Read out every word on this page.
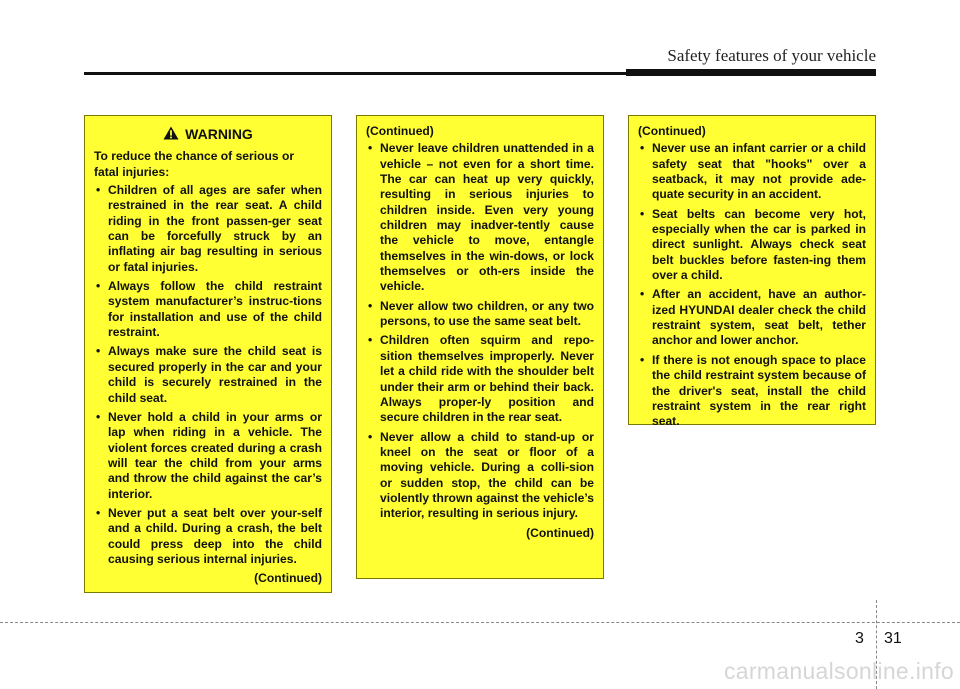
Safety features of your vehicle
WARNING
To reduce the chance of serious or fatal injuries:
• Children of all ages are safer when restrained in the rear seat. A child riding in the front passen-ger seat can be forcefully struck by an inflating air bag resulting in serious or fatal injuries.
• Always follow the child restraint system manufacturer’s instruc-tions for installation and use of the child restraint.
• Always make sure the child seat is secured properly in the car and your child is securely restrained in the child seat.
• Never hold a child in your arms or lap when riding in a vehicle. The violent forces created during a crash will tear the child from your arms and throw the child against the car’s interior.
• Never put a seat belt over your-self and a child. During a crash, the belt could press deep into the child causing serious internal injuries.
(Continued)
(Continued)
• Never leave children unattended in a vehicle – not even for a short time. The car can heat up very quickly, resulting in serious injuries to children inside. Even very young children may inadver-tently cause the vehicle to move, entangle themselves in the win-dows, or lock themselves or oth-ers inside the vehicle.
• Never allow two children, or any two persons, to use the same seat belt.
• Children often squirm and repo-sition themselves improperly. Never let a child ride with the shoulder belt under their arm or behind their back. Always proper-ly position and secure children in the rear seat.
• Never allow a child to stand-up or kneel on the seat or floor of a moving vehicle. During a colli-sion or sudden stop, the child can be violently thrown against the vehicle’s interior, resulting in serious injury.
(Continued)
(Continued)
• Never use an infant carrier or a child safety seat that "hooks" over a seatback, it may not provide ade-quate security in an accident.
• Seat belts can become very hot, especially when the car is parked in direct sunlight. Always check seat belt buckles before fasten-ing them over a child.
• After an accident, have an author-ized HYUNDAI dealer check the child restraint system, seat belt, tether anchor and lower anchor.
• If there is not enough space to place the child restraint system because of the driver's seat, install the child restraint system in the rear right seat.
3 31
carmanualsonline.info
